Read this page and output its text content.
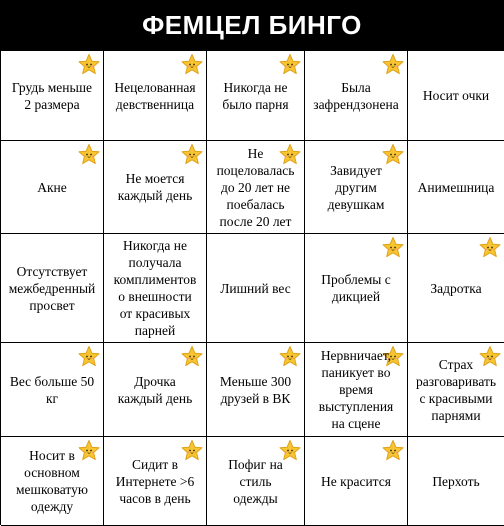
ФЕМЦЕЛ БИНГО
Грудь меньше
2 размера
Нецелованная
девственница
Никогда не
было парня
Была
зафрендзонена
Носит очки
Акне
Не моется
каждый день
Не
поцеловалась
до 20 лет не
поебалась
после 20 лет
Завидует
другим
девушкам
Анимешница
Отсутствует
межбедренный
просвет
Никогда не
получала
комплиментов
о внешности
от красивых
парней
Лишний вес
Проблемы с
дикцией
Задротка
Вес больше 50
кг
Дрочка
каждый день
Меньше 300
друзей в ВК
Нервничает,
паникует во
время
выступления
на сцене
Страх
разговаривать
с красивыми
парнями
Носит в
основном
мешковатую
одежду
Сидит в
Интернете >6
часов в день
Пофиг на
стиль
одежды
Не красится	Перхоть
